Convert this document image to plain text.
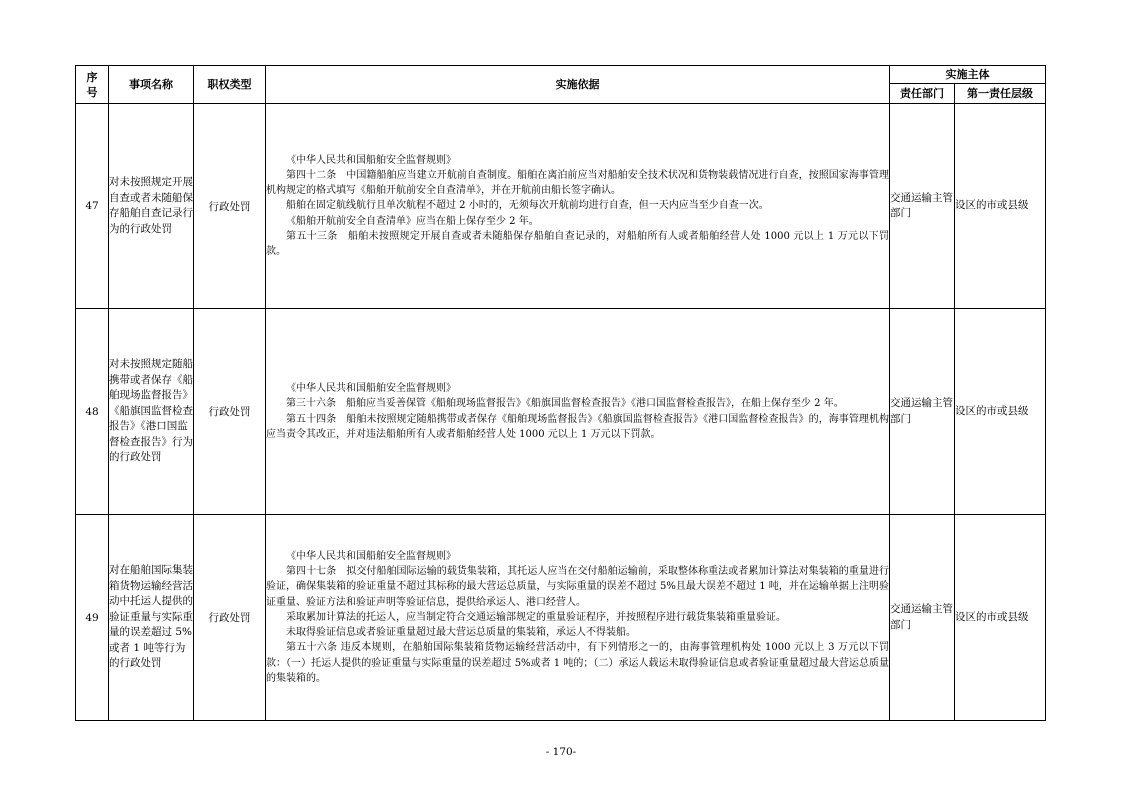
序
号	事项名称	职权类型	实施依据	实施主体	
				责任部门	第一责任层级
47	对未按照规定开展自查或者未随船保存船舶自查记录行为的行政处罚	行政处罚	《中华人民共和国船舶安全监督规则》

第四十二条　中国籍船舶应当建立开航前自查制度。船舶在离泊前应当对船舶安全技术状况和货物装载情况进行自查，按照国家海事管理机构规定的格式填写《船舶开航前安全自查清单》，并在开航前由船长签字确认。

船舶在固定航线航行且单次航程不超过 2 小时的，无须每次开航前均进行自查，但一天内应当至少自查一次。

《船舶开航前安全自查清单》应当在船上保存至少 2 年。

第五十三条　船舶未按照规定开展自查或者未随船保存船舶自查记录的，对船舶所有人或者船舶经营人处 1000 元以上 1 万元以下罚款。	交通运输主管部门	设区的市或县级
48	对未按照规定随船携带或者保存《船舶现场监督报告》《船旗国监督检查报告》《港口国监督检查报告》行为的行政处罚	行政处罚	《中华人民共和国船舶安全监督规则》

第三十六条　船舶应当妥善保管《船舶现场监督报告》《船旗国监督检查报告》《港口国监督检查报告》，在船上保存至少 2 年。

第五十四条　船舶未按照规定随船携带或者保存《船舶现场监督报告》《船旗国监督检查报告》《港口国监督检查报告》的，海事管理机构应当责令其改正，并对违法船舶所有人或者船舶经营人处 1000 元以上 1 万元以下罚款。	交通运输主管部门	设区的市或县级
49	对在船舶国际集装箱货物运输经营活动中托运人提供的验证重量与实际重量的误差超过 5%或者 1 吨等行为的行政处罚	行政处罚	《中华人民共和国船舶安全监督规则》

第四十七条　拟交付船舶国际运输的载货集装箱，其托运人应当在交付船舶运输前，采取整体称重法或者累加计算法对集装箱的重量进行验证，确保集装箱的验证重量不超过其标称的最大营运总质量，与实际重量的误差不超过 5%且最大误差不超过 1 吨，并在运输单据上注明验证重量、验证方法和验证声明等验证信息，提供给承运人、港口经营人。

采取累加计算法的托运人，应当制定符合交通运输部规定的重量验证程序，并按照程序进行载货集装箱重量验证。

未取得验证信息或者验证重量超过最大营运总质量的集装箱，承运人不得装船。

第五十六条 违反本规则，在船舶国际集装箱货物运输经营活动中，有下列情形之一的，由海事管理机构处 1000 元以上 3 万元以下罚款：（一）托运人提供的验证重量与实际重量的误差超过 5%或者 1 吨的；（二）承运人载运未取得验证信息或者验证重量超过最大营运总质量的集装箱的。	交通运输主管部门	设区的市或县级
- 170-
